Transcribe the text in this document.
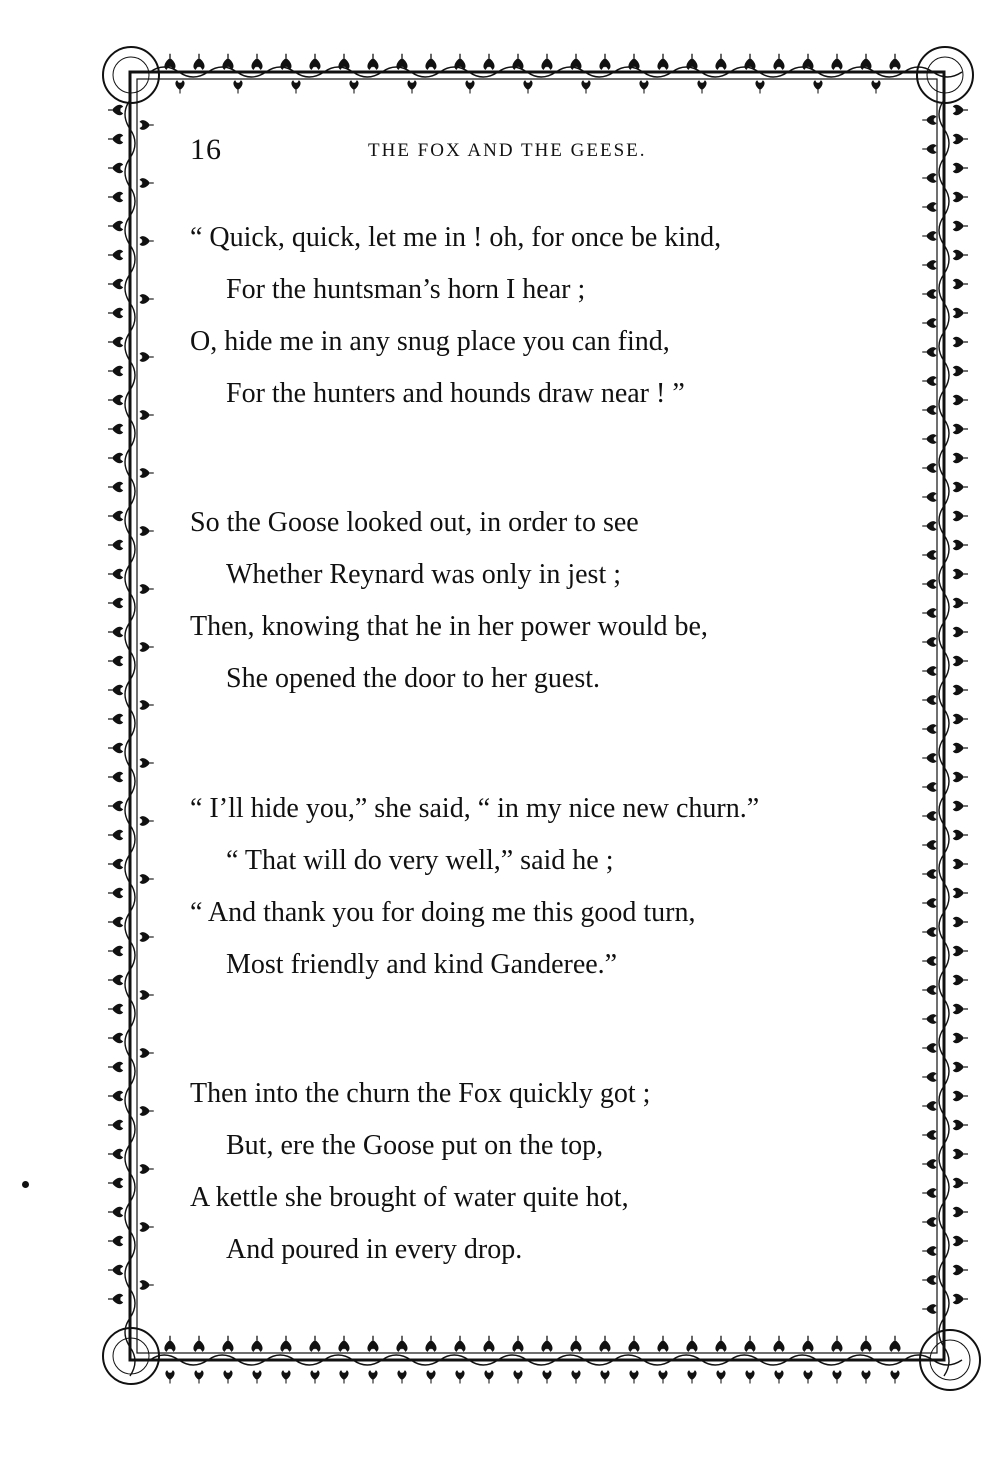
16	THE FOX AND THE GEESE.
“ Quick, quick, let me in ! oh, for once be kind,
For the huntsman’s horn I hear ;
O, hide me in any snug place you can find,
For the hunters and hounds draw near ! ”
So the Goose looked out, in order to see
Whether Reynard was only in jest ;
Then, knowing that he in her power would be,
She opened the door to her guest.
“ I’ll hide you,” she said, “ in my nice new churn.”
“ That will do very well,” said he ;
“ And thank you for doing me this good turn,
Most friendly and kind Ganderee.”
Then into the churn the Fox quickly got ;
But, ere the Goose put on the top,
A kettle she brought of water quite hot,
And poured in every drop.
